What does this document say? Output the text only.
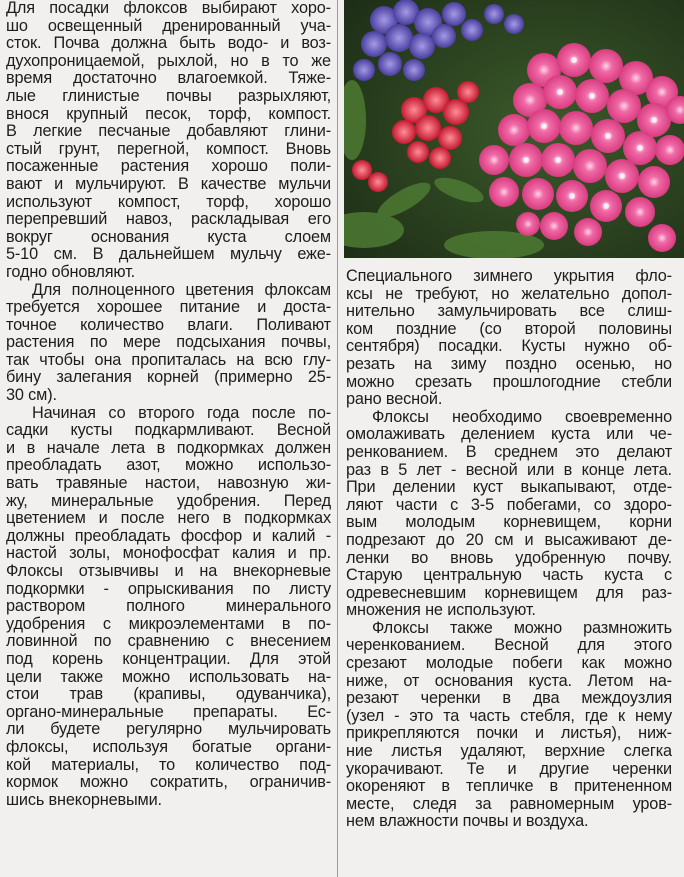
Для посадки флоксов выбирают хоро-
шо освещенный дренированный уча-
сток. Почва должна быть водо- и воз-
духопроницаемой, рыхлой, но в то же
время достаточно влагоемкой. Тяже-
лые глинистые почвы разрыхляют,
внося крупный песок, торф, компост.
В легкие песчаные добавляют глини-
стый грунт, перегной, компост. Вновь
посаженные растения хорошо поли-
вают и мульчируют. В качестве мульчи
используют компост, торф, хорошо
перепревший навоз, раскладывая его
вокруг основания куста слоем
5-10 см. В дальнейшем мульчу еже-
годно обновляют.
Для полноценного цветения флоксам
требуется хорошее питание и доста-
точное количество влаги. Поливают
растения по мере подсыхания почвы,
так чтобы она пропиталась на всю глу-
бину залегания корней (примерно 25-
30 см).
Начиная со второго года после по-
садки кусты подкармливают. Весной
и в начале лета в подкормках должен
преобладать азот, можно использо-
вать травяные настои, навозную жи-
жу, минеральные удобрения. Перед
цветением и после него в подкормках
должны преобладать фосфор и калий -
настой золы, монофосфат калия и пр.
Флоксы отзывчивы и на внекорневые
подкормки - опрыскивания по листу
раствором	полного	минерального
удобрения с микроэлементами в по-
ловинной по сравнению с внесением
под корень концентрации. Для этой
цели также можно использовать на-
стои трав (крапивы, одуванчика),
органо-минеральные препараты. Ес-
ли будете регулярно мульчировать
флоксы, используя богатые органи-
кой материалы, то количество под-
кормок можно сократить, ограничив-
шись внекорневыми.
Специального зимнего укрытия фло-
ксы не требуют, но желательно допол-
нительно замульчировать все слиш-
ком поздние (со второй половины
сентября) посадки. Кусты нужно об-
резать на зиму поздно осенью, но
можно срезать прошлогодние стебли
рано весной.
Флоксы необходимо своевременно
омолаживать делением куста или че-
ренкованием. В среднем это делают
раз в 5 лет - весной или в конце лета.
При делении куст выкапывают, отде-
ляют части с 3-5 побегами, со здоро-
вым молодым корневищем, корни
подрезают до 20 см и высаживают де-
ленки во вновь удобренную почву.
Старую центральную часть куста с
одревесневшим корневищем для раз-
множения не используют.
Флоксы также можно размножить
черенкованием. Весной для этого
срезают молодые побеги как можно
ниже, от основания куста. Летом на-
резают черенки в два междоузлия
(узел - это та часть стебля, где к нему
прикрепляются почки и листья), ниж-
ние листья удаляют, верхние слегка
укорачивают. Те и другие черенки
окореняют в тепличке в притененном
месте, следя за равномерным уров-
нем влажности почвы и воздуха.
